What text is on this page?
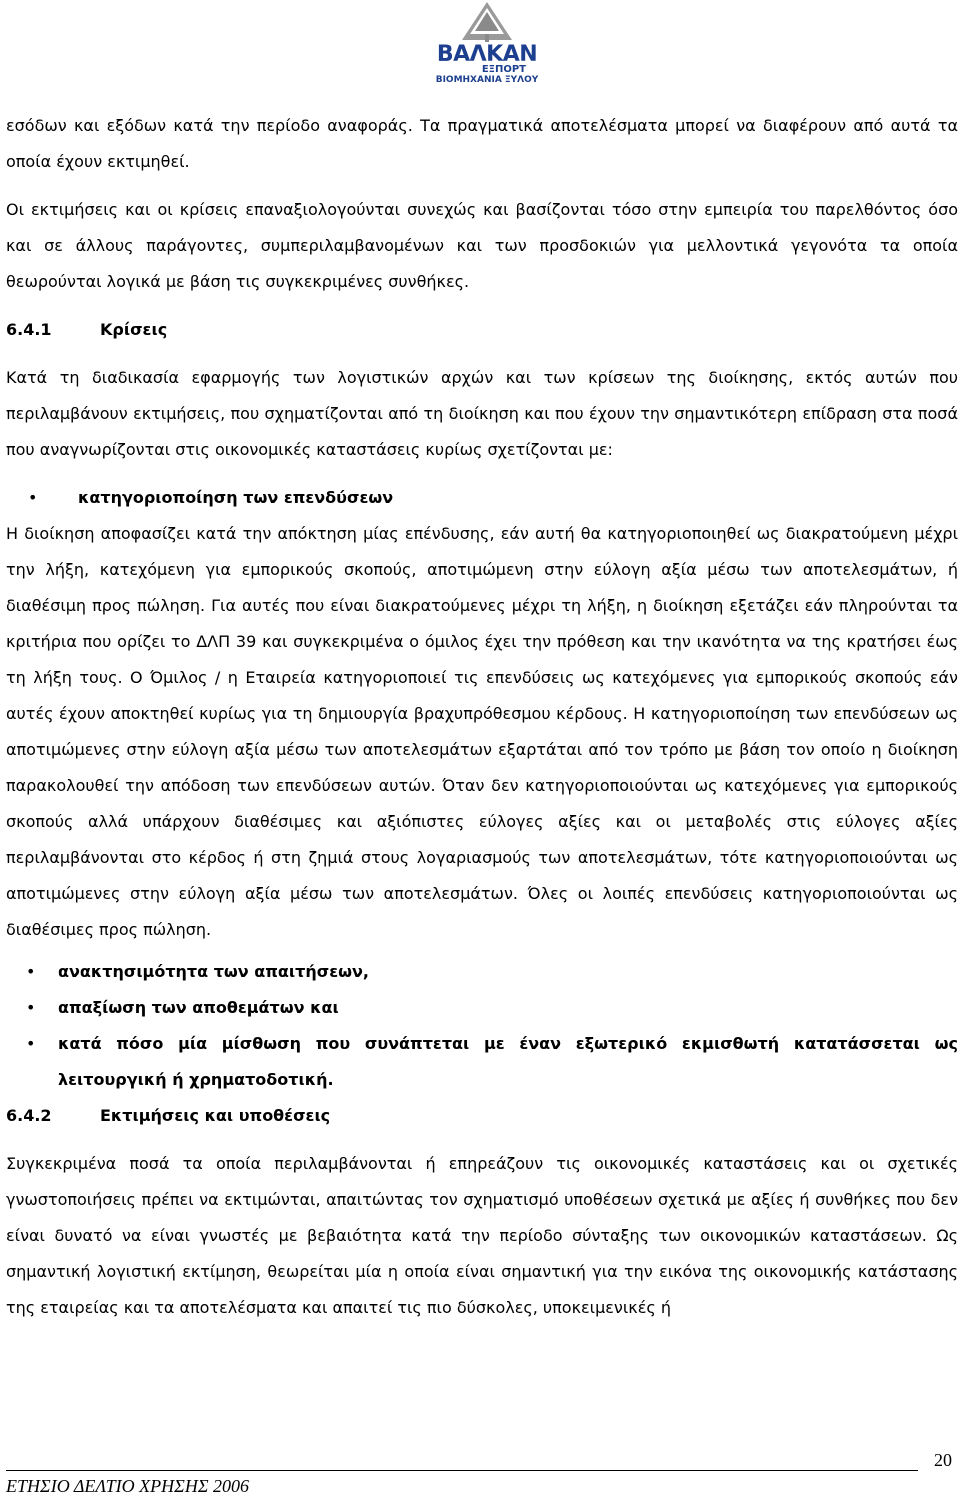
ΒΑΛΚΑΝ
ΕΞΠΟΡΤ
ΒΙΟΜΗΧΑΝΙΑ ΞΥΛΟΥ

εσόδων και εξόδων κατά την περίοδο αναφοράς. Τα πραγματικά αποτελέσματα μπορεί να διαφέρουν από αυτά τα οποία έχουν εκτιμηθεί.

Οι εκτιμήσεις και οι κρίσεις επαναξιολογούνται συνεχώς και βασίζονται τόσο στην εμπειρία του παρελθόντος όσο και σε άλλους παράγοντες, συμπεριλαμβανομένων και των προσδοκιών για μελλοντικά γεγονότα τα οποία θεωρούνται λογικά με βάση τις συγκεκριμένες συνθήκες.

6.4.1	Κρίσεις

Κατά τη διαδικασία εφαρμογής των λογιστικών αρχών και των κρίσεων της διοίκησης, εκτός αυτών που περιλαμβάνουν εκτιμήσεις, που σχηματίζονται από τη διοίκηση και που έχουν την σημαντικότερη επίδραση στα ποσά που αναγνωρίζονται στις οικονομικές καταστάσεις κυρίως σχετίζονται με:

•	κατηγοριοποίηση των επενδύσεων

Η διοίκηση αποφασίζει κατά την απόκτηση μίας επένδυσης, εάν αυτή θα κατηγοριοποιηθεί ως διακρατούμενη μέχρι την λήξη, κατεχόμενη για εμπορικούς σκοπούς, αποτιμώμενη στην εύλογη αξία μέσω των αποτελεσμάτων, ή διαθέσιμη προς πώληση. Για αυτές που είναι διακρατούμενες μέχρι τη λήξη, η διοίκηση εξετάζει εάν πληρούνται τα κριτήρια που ορίζει το ΔΛΠ 39 και συγκεκριμένα ο όμιλος έχει την πρόθεση και την ικανότητα να της κρατήσει έως τη λήξη τους. Ο Όμιλος / η Εταιρεία κατηγοριοποιεί τις επενδύσεις ως κατεχόμενες για εμπορικούς σκοπούς εάν αυτές έχουν αποκτηθεί κυρίως για τη δημιουργία βραχυπρόθεσμου κέρδους. Η κατηγοριοποίηση των επενδύσεων ως αποτιμώμενες στην εύλογη αξία μέσω των αποτελεσμάτων εξαρτάται από τον τρόπο με βάση τον οποίο η διοίκηση παρακολουθεί την απόδοση των επενδύσεων αυτών. Όταν δεν κατηγοριοποιούνται ως κατεχόμενες για εμπορικούς σκοπούς αλλά υπάρχουν διαθέσιμες και αξιόπιστες εύλογες αξίες και οι μεταβολές στις εύλογες αξίες περιλαμβάνονται στο κέρδος ή στη ζημιά στους λογαριασμούς των αποτελεσμάτων, τότε κατηγοριοποιούνται ως αποτιμώμενες στην εύλογη αξία μέσω των αποτελεσμάτων. Όλες οι λοιπές επενδύσεις κατηγοριοποιούνται ως διαθέσιμες προς πώληση.

• ανακτησιμότητα των απαιτήσεων,
• απαξίωση των αποθεμάτων και
• κατά πόσο μία μίσθωση που συνάπτεται με έναν εξωτερικό εκμισθωτή κατατάσσεται ως λειτουργική ή χρηματοδοτική.

6.4.2	Εκτιμήσεις και υποθέσεις

Συγκεκριμένα ποσά τα οποία περιλαμβάνονται ή επηρεάζουν τις οικονομικές καταστάσεις και οι σχετικές γνωστοποιήσεις πρέπει να εκτιμώνται, απαιτώντας τον σχηματισμό υποθέσεων σχετικά με αξίες ή συνθήκες που δεν είναι δυνατό να είναι γνωστές με βεβαιότητα κατά την περίοδο σύνταξης των οικονομικών καταστάσεων. Ως σημαντική λογιστική εκτίμηση, θεωρείται μία η οποία είναι σημαντική για την εικόνα της οικονομικής κατάστασης της εταιρείας και τα αποτελέσματα και απαιτεί τις πιο δύσκολες, υποκειμενικές ή

20
ΕΤΗΣΙΟ ΔΕΛΤΙΟ ΧΡΗΣΗΣ 2006
